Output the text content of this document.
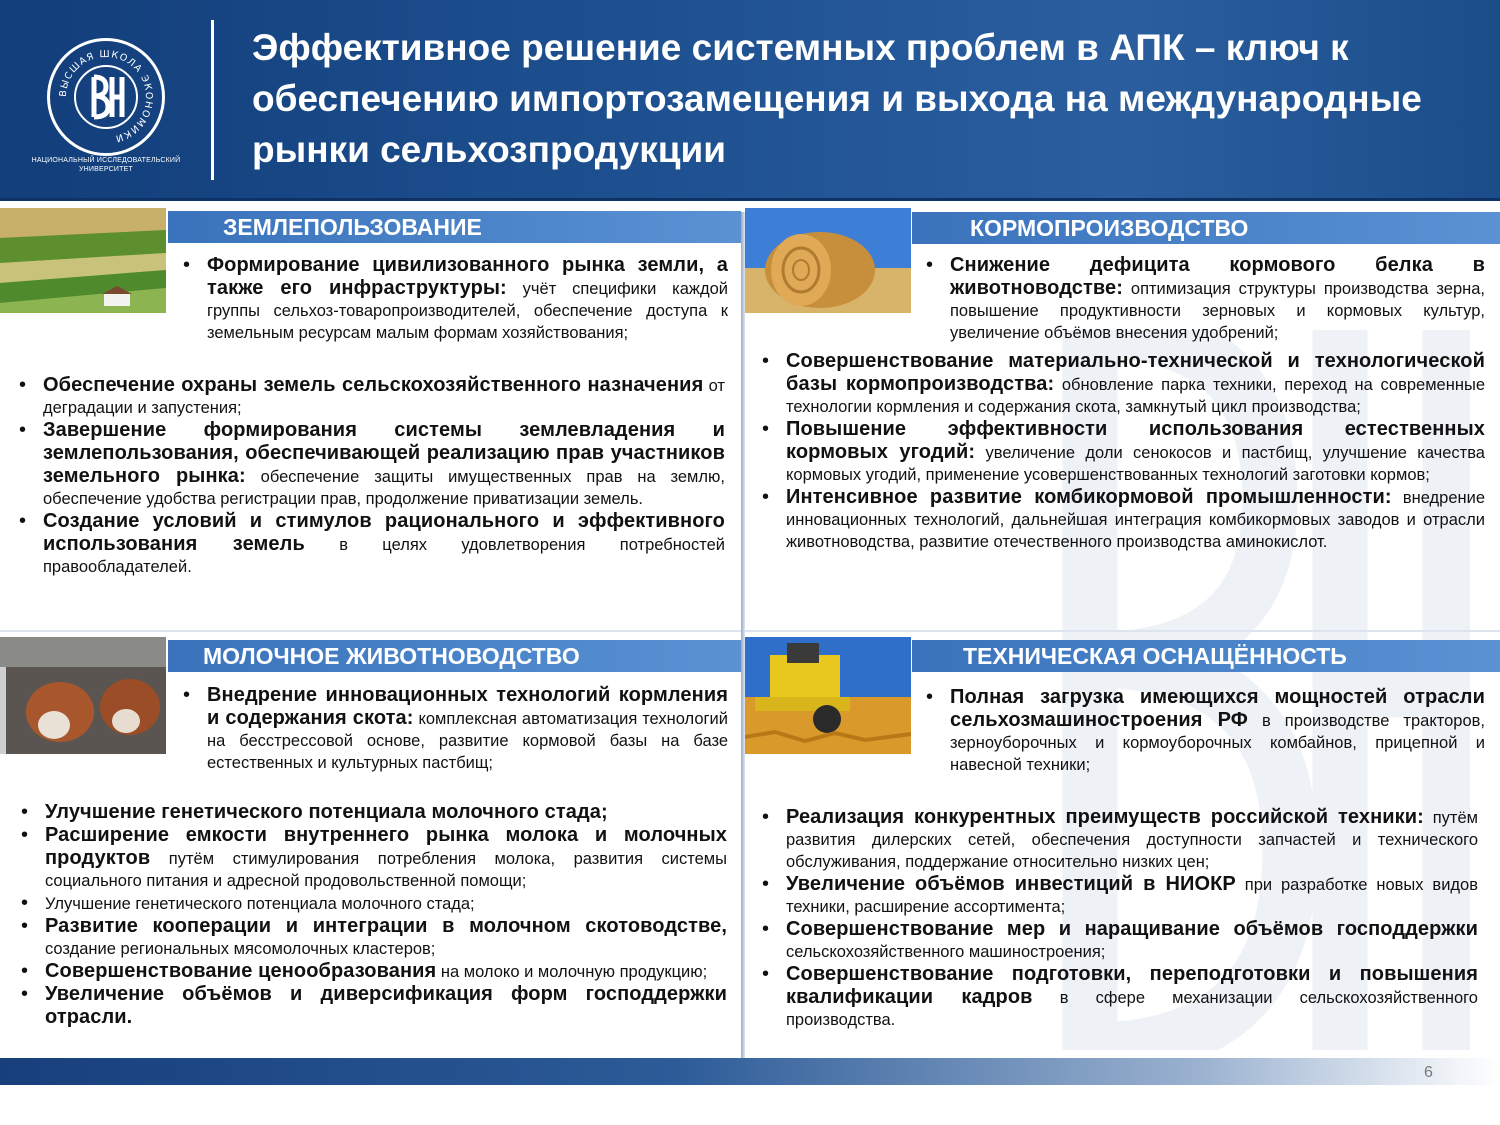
ВЫСШАЯ ШКОЛА ЭКОНОМИКИ
НАЦИОНАЛЬНЫЙ ИССЛЕДОВАТЕЛЬСКИЙ УНИВЕРСИТЕТ
Эффективное решение системных проблем в АПК – ключ к обеспечению импортозамещения и выхода на международные рынки сельхозпродукции
ЗЕМЛЕПОЛЬЗОВАНИЕ	КОРМОПРОИЗВОДСТВО
МОЛОЧНОЕ ЖИВОТНОВОДСТВО	ТЕХНИЧЕСКАЯ ОСНАЩЁННОСТЬ
• Формирование цивилизованного рынка земли, а также его инфраструктуры: учёт специфики каждой группы сельхоз-товаропроизводителей, обеспечение доступа к земельным ресурсам малым формам хозяйствования;
• Обеспечение охраны земель сельскохозяйственного назначения от деградации и запустения;
• Завершение формирования системы землевладения и землепользования, обеспечивающей реализацию прав участников земельного рынка: обеспечение защиты имущественных прав на землю, обеспечение удобства регистрации прав, продолжение приватизации земель.
• Создание условий и стимулов рационального и эффективного использования земель в целях удовлетворения потребностей правообладателей.
• Снижение дефицита кормового белка в животноводстве: оптимизация структуры производства зерна, повышение продуктивности зерновых и кормовых культур, увеличение объёмов внесения удобрений;
• Совершенствование материально-технической и технологической базы кормопроизводства: обновление парка техники, переход на современные технологии кормления и содержания скота, замкнутый цикл производства;
• Повышение эффективности использования естественных кормовых угодий: увеличение доли сенокосов и пастбищ, улучшение качества кормовых угодий, применение усовершенствованных технологий заготовки кормов;
• Интенсивное развитие комбикормовой промышленности: внедрение инновационных технологий, дальнейшая интеграция комбикормовых заводов и отрасли животноводства, развитие отечественного производства аминокислот.
• Внедрение инновационных технологий кормления и содержания скота: комплексная автоматизация технологий на бесстрессовой основе, развитие кормовой базы на базе естественных и культурных пастбищ;
• Улучшение генетического потенциала молочного стада;
• Расширение емкости внутреннего рынка молока и молочных продуктов путём стимулирования потребления молока, развития системы социального питания и адресной продовольственной помощи;
• Улучшение генетического потенциала молочного стада;
• Развитие кооперации и интеграции в молочном скотоводстве, создание региональных мясомолочных кластеров;
• Совершенствование ценообразования на молоко и молочную продукцию;
• Увеличение объёмов и диверсификация форм господдержки отрасли.
• Полная загрузка имеющихся мощностей отрасли сельхозмашиностроения РФ в производстве тракторов, зерноуборочных и кормоуборочных комбайнов, прицепной и навесной техники;
• Реализация конкурентных преимуществ российской техники: путём развития дилерских сетей, обеспечения доступности запчастей и технического обслуживания, поддержание относительно низких цен;
• Увеличение объёмов инвестиций в НИОКР при разработке новых видов техники, расширение ассортимента;
• Совершенствование мер и наращивание объёмов господдержки сельскохозяйственного машиностроения;
• Совершенствование подготовки, переподготовки и повышения квалификации кадров в сфере механизации сельскохозяйственного производства.
6
